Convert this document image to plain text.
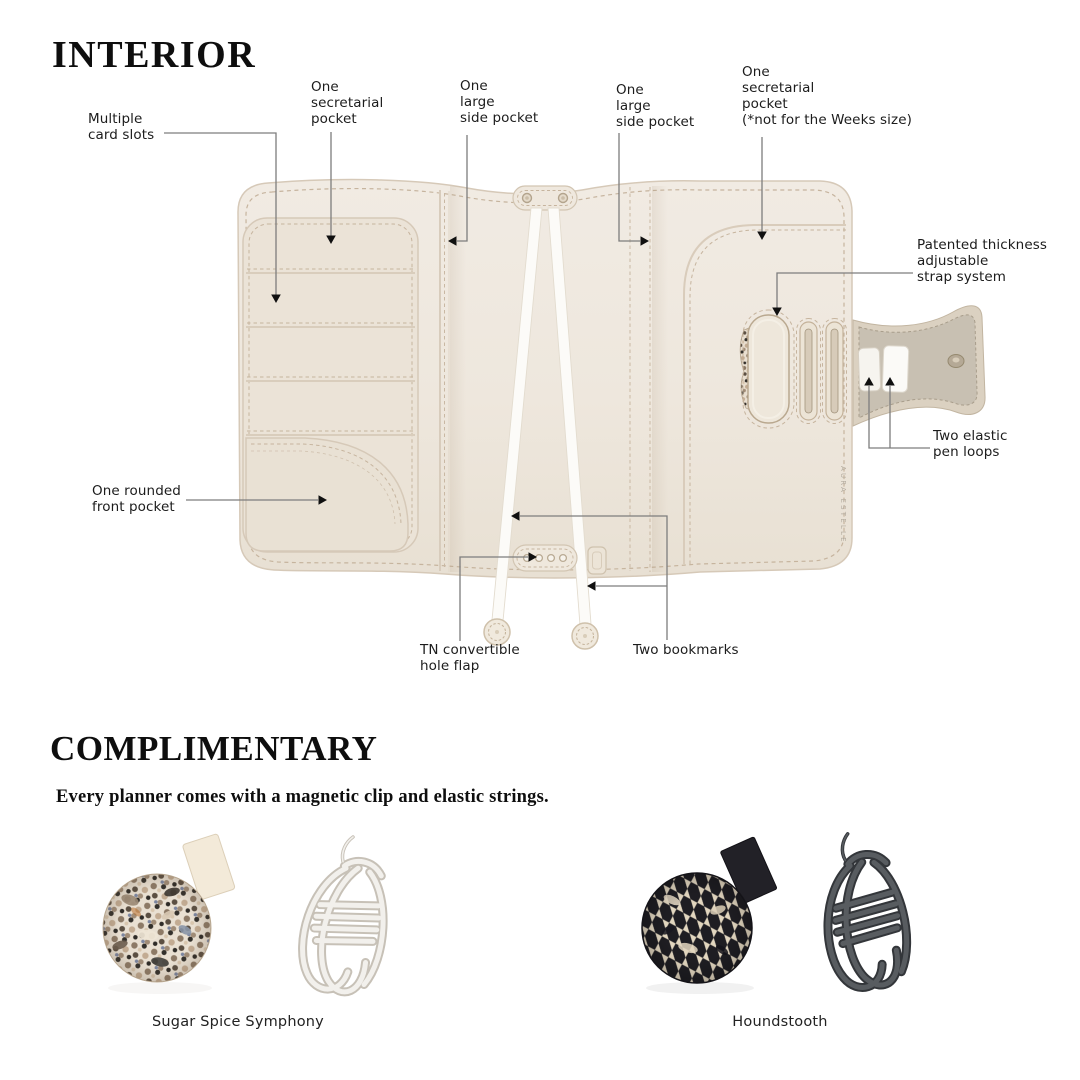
AURA ESTELLE
INTERIOR
Multiple
card slots
One
secretarial
pocket
One
large
side pocket
One
large
side pocket
One
secretarial
pocket
(*not for the Weeks size)
Patented thickness
adjustable
strap system
Two elastic
pen loops
One rounded
front pocket
TN convertible
hole flap
Two bookmarks
COMPLIMENTARY

Every planner comes with a magnetic clip and elastic strings.

Sugar Spice Symphony	Houndstooth
